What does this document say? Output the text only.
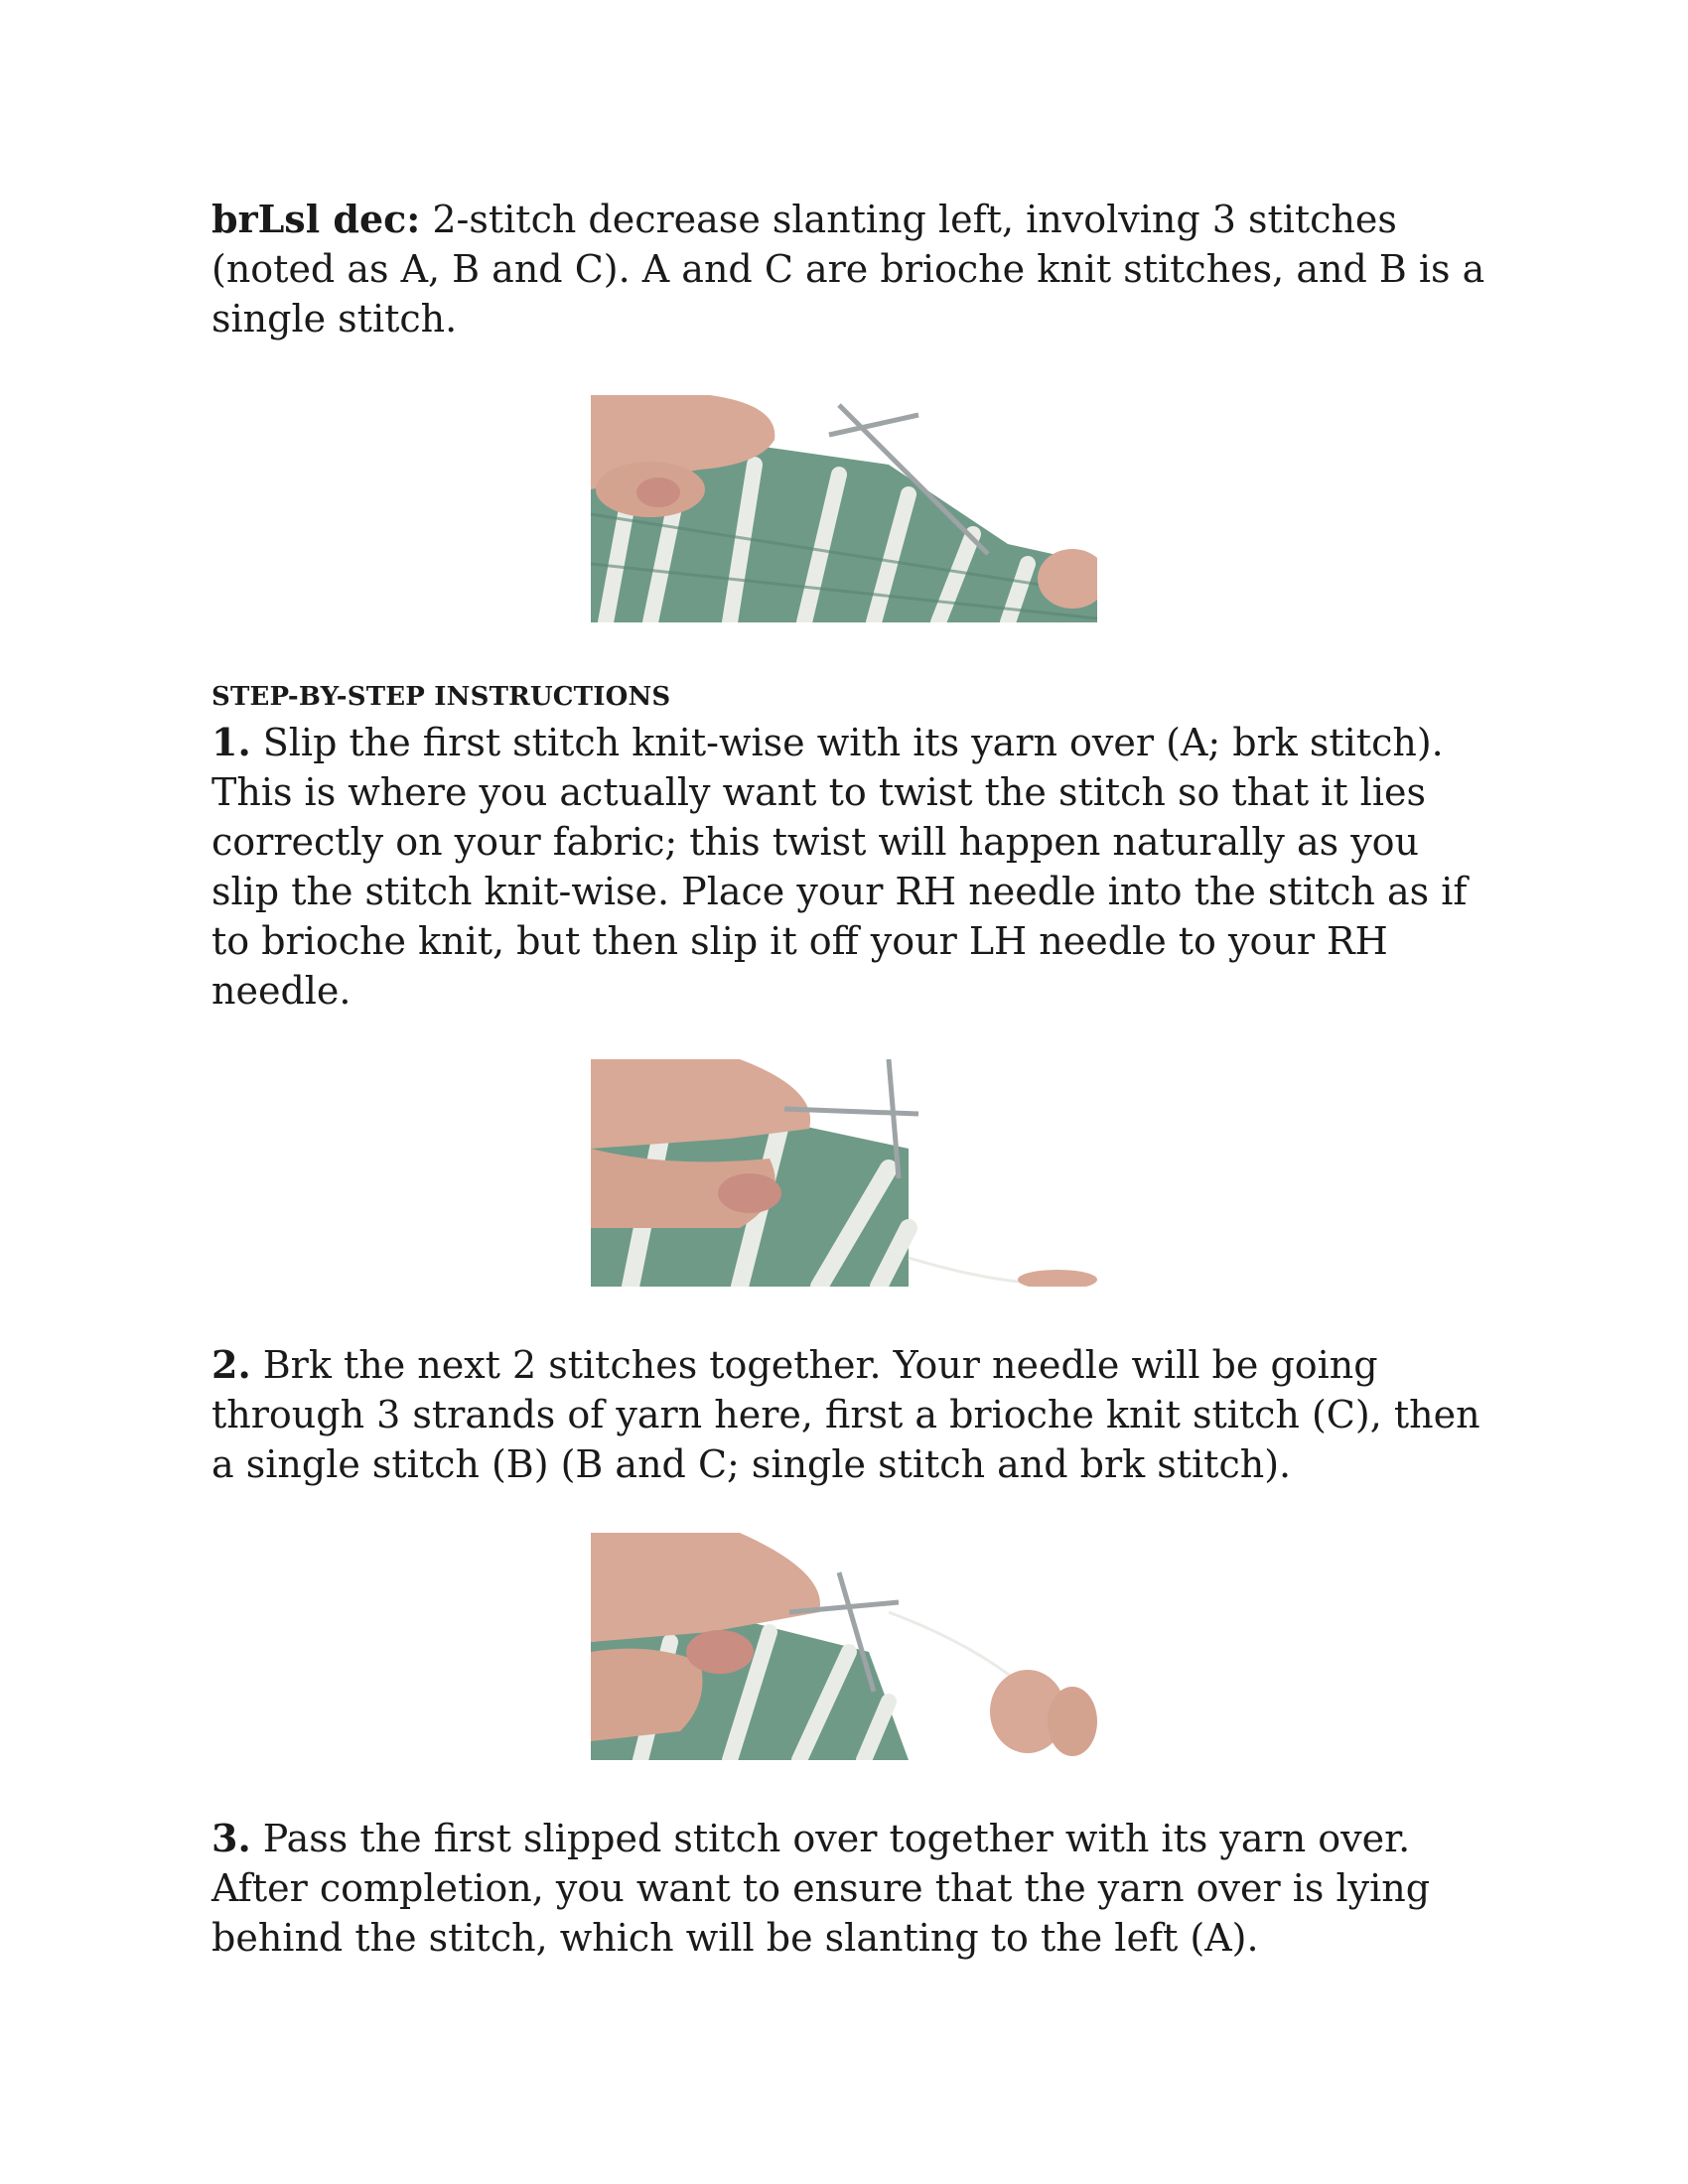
brLsl dec: 2-stitch decrease slanting left, involving 3 stitches (noted as A, B and C). A and C are brioche knit stitches, and B is a single stitch.

STEP-BY-STEP INSTRUCTIONS

1. Slip the first stitch knit-wise with its yarn over (A; brk stitch). This is where you actually want to twist the stitch so that it lies correctly on your fabric; this twist will happen naturally as you slip the stitch knit-wise. Place your RH needle into the stitch as if to brioche knit, but then slip it off your LH needle to your RH needle.

2. Brk the next 2 stitches together. Your needle will be going through 3 strands of yarn here, first a brioche knit stitch (C), then a single stitch (B) (B and C; single stitch and brk stitch).

3. Pass the first slipped stitch over together with its yarn over. After completion, you want to ensure that the yarn over is lying behind the stitch, which will be slanting to the left (A).
